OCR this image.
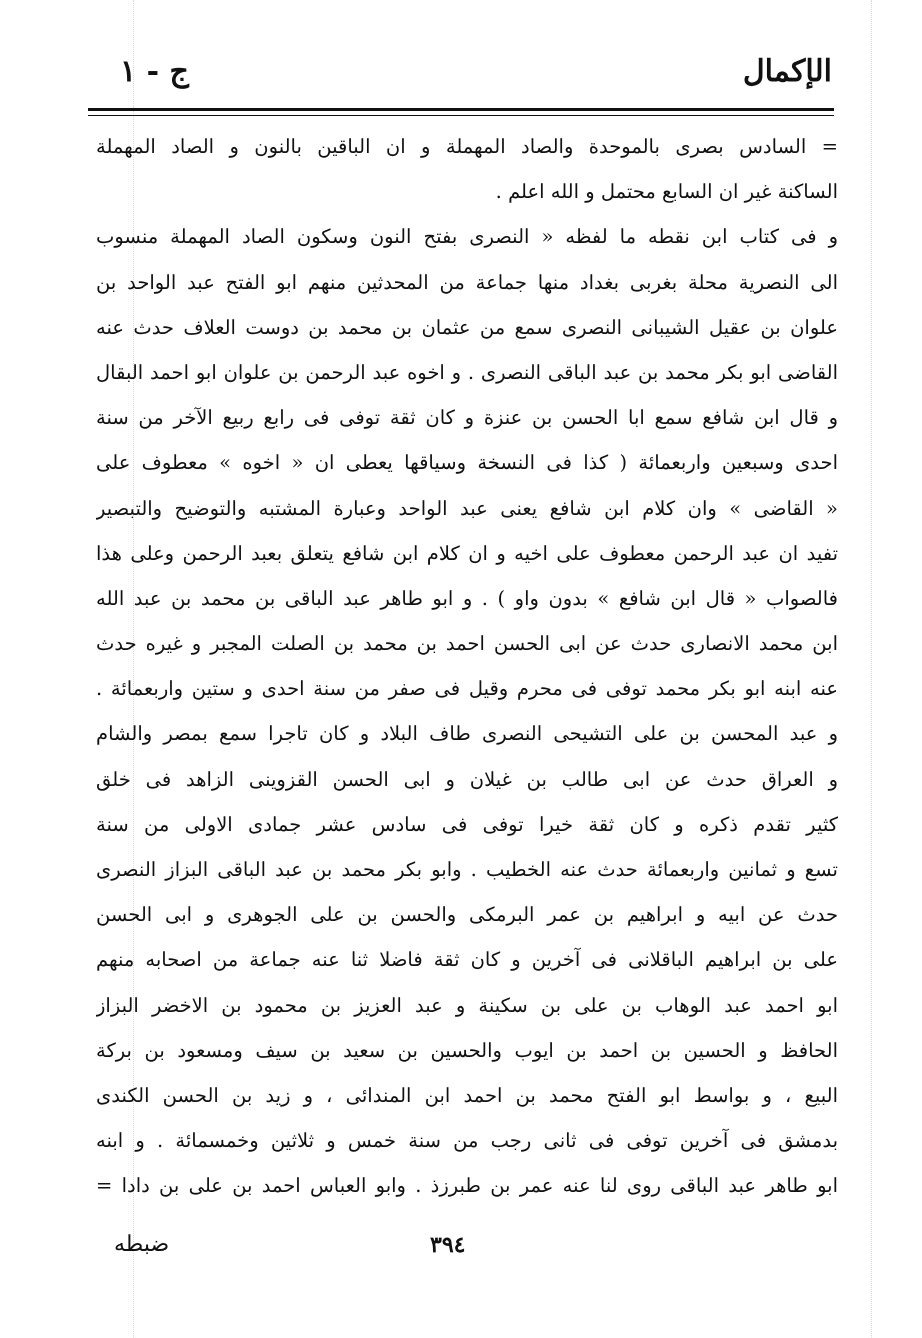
الإكمال
ج - ١
= السادس بصرى بالموحدة والصاد المهملة و ان الباقين بالنون و الصاد المهملة
الساكنة غير ان السابع محتمل و الله اعلم .
و فى كتاب ابن نقطه ما لفظه « النصرى بفتح النون وسكون الصاد المهملة منسوب
الى النصرية محلة بغربى بغداد منها جماعة من المحدثين منهم ابو الفتح عبد الواحد بن
علوان بن عقيل الشيبانى النصرى سمع من عثمان بن محمد بن دوست العلاف حدث عنه
القاضى ابو بكر محمد بن عبد الباقى النصرى . و اخوه عبد الرحمن بن علوان ابو احمد البقال
و قال ابن شافع سمع ابا الحسن بن عنزة و كان ثقة توفى فى رابع ربيع الآخر من سنة
احدى وسبعين واربعمائة ( كذا فى النسخة وسياقها يعطى ان « اخوه » معطوف على
« القاضى » وان كلام ابن شافع يعنى عبد الواحد وعبارة المشتبه والتوضيح والتبصير
تفيد ان عبد الرحمن معطوف على اخيه و ان كلام ابن شافع يتعلق بعبد الرحمن وعلى هذا
فالصواب « قال ابن شافع » بدون واو ) . و ابو طاهر عبد الباقى بن محمد بن عبد الله
ابن محمد الانصارى حدث عن ابى الحسن احمد بن محمد بن الصلت المجبر و غيره حدث
عنه ابنه ابو بكر محمد توفى فى محرم وقيل فى صفر من سنة احدى و ستين واربعمائة .
و عبد المحسن بن على التشيحى النصرى طاف البلاد و كان تاجرا سمع بمصر والشام
و العراق حدث عن ابى طالب بن غيلان و ابى الحسن القزوينى الزاهد فى خلق
كثير تقدم ذكره و كان ثقة خيرا توفى فى سادس عشر جمادى الاولى من سنة
تسع و ثمانين واربعمائة حدث عنه الخطيب . وابو بكر محمد بن عبد الباقى البزاز النصرى
حدث عن ابيه و ابراهيم بن عمر البرمكى والحسن بن على الجوهرى و ابى الحسن
على بن ابراهيم الباقلانى فى آخرين و كان ثقة فاضلا ثنا عنه جماعة من اصحابه منهم
ابو احمد عبد الوهاب بن على بن سكينة و عبد العزيز بن محمود بن الاخضر البزاز
الحافظ و الحسين بن احمد بن ايوب والحسين بن سعيد بن سيف ومسعود بن بركة
البيع ، و بواسط ابو الفتح محمد بن احمد ابن المندائى ، و زيد بن الحسن الكندى
بدمشق فى آخرين توفى فى ثانى رجب من سنة خمس و ثلاثين وخمسمائة . و ابنه
ابو طاهر عبد الباقى روى لنا عنه عمر بن طبرزذ . وابو العباس احمد بن على بن دادا =
٣٩٤
ضبطه
